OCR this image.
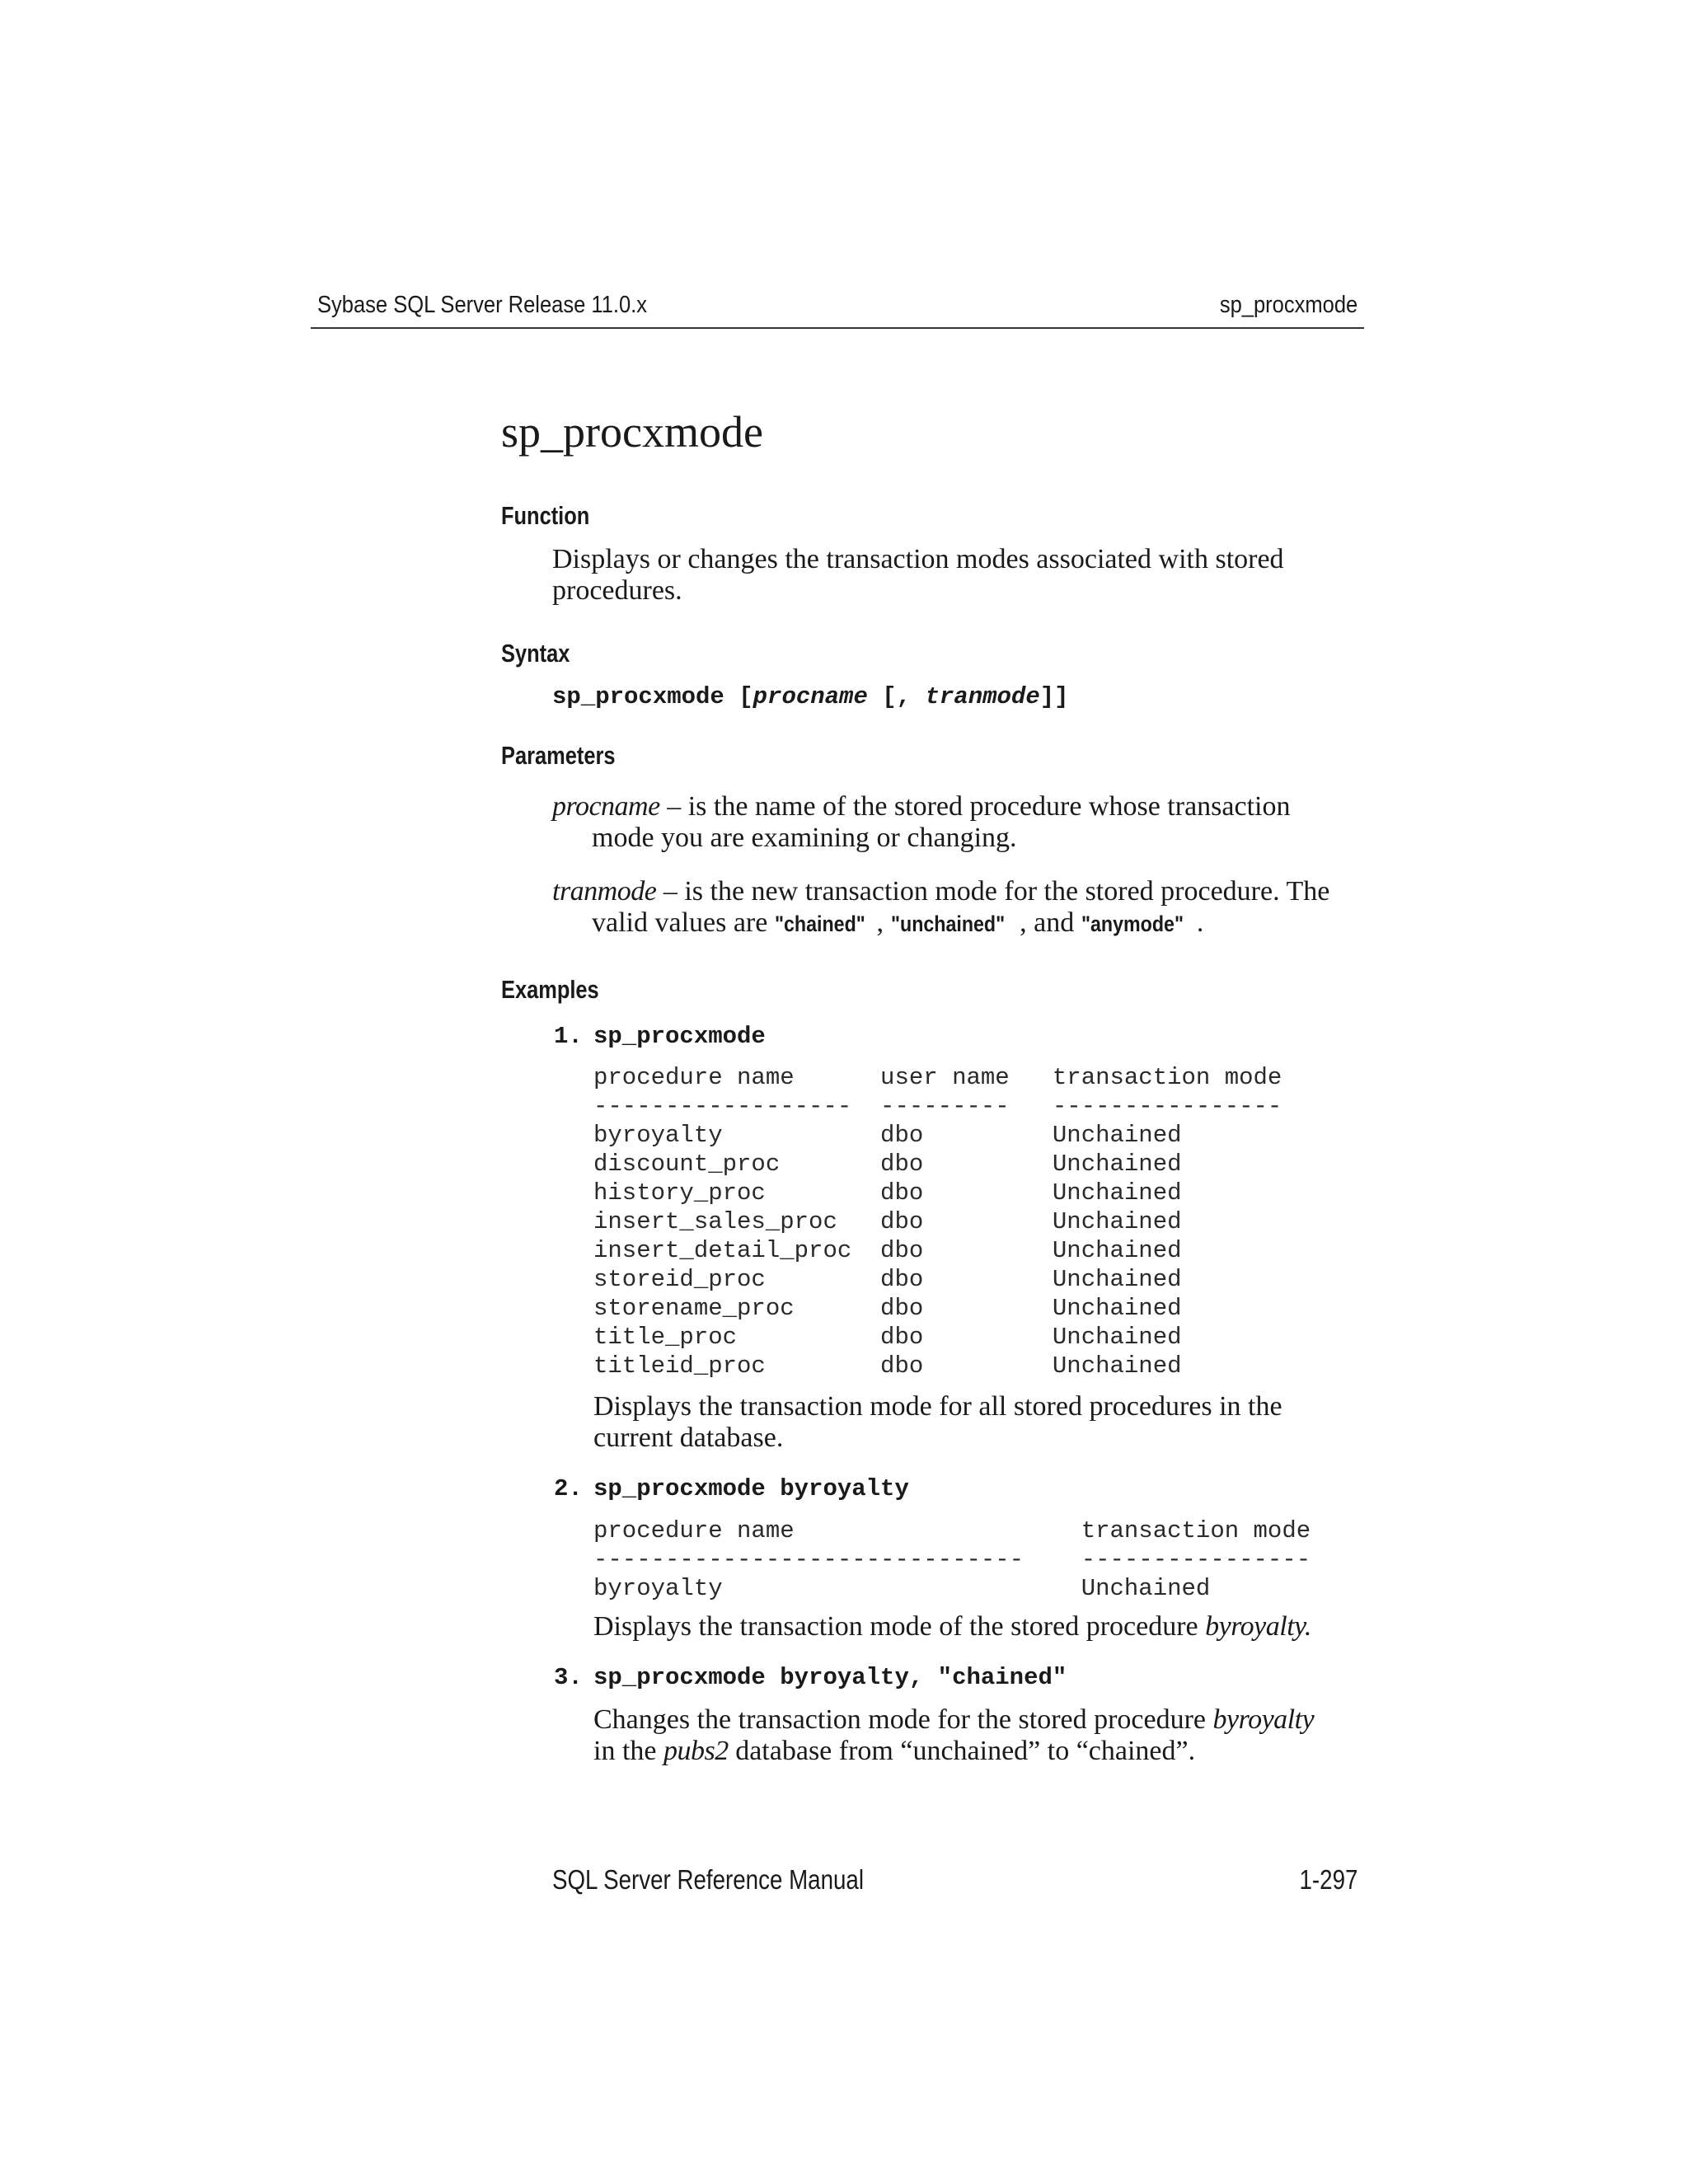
Sybase SQL Server Release 11.0.x	sp_procxmode
sp_procxmode
Function
Displays or changes the transaction modes associated with stored
procedures.
Syntax
sp_procxmode [procname [, tranmode]]
Parameters
procname – is the name of the stored procedure whose transaction
mode you are examining or changing.
tranmode – is the new transaction mode for the stored procedure. The
valid values are "chained" , "unchained" , and "anymode" .
Examples
1. sp_procxmode
procedure name      user name   transaction mode
------------------  ---------   ----------------
byroyalty           dbo         Unchained
discount_proc       dbo         Unchained
history_proc        dbo         Unchained
insert_sales_proc   dbo         Unchained
insert_detail_proc  dbo         Unchained
storeid_proc        dbo         Unchained
storename_proc      dbo         Unchained
title_proc          dbo         Unchained
titleid_proc        dbo         Unchained
Displays the transaction mode for all stored procedures in the
current database.
2. sp_procxmode byroyalty
procedure name                    transaction mode
------------------------------    ----------------
byroyalty                         Unchained
Displays the transaction mode of the stored procedure byroyalty.
3. sp_procxmode byroyalty, "chained"
Changes the transaction mode for the stored procedure byroyalty
in the pubs2 database from “unchained” to “chained”.
SQL Server Reference Manual	1-297
